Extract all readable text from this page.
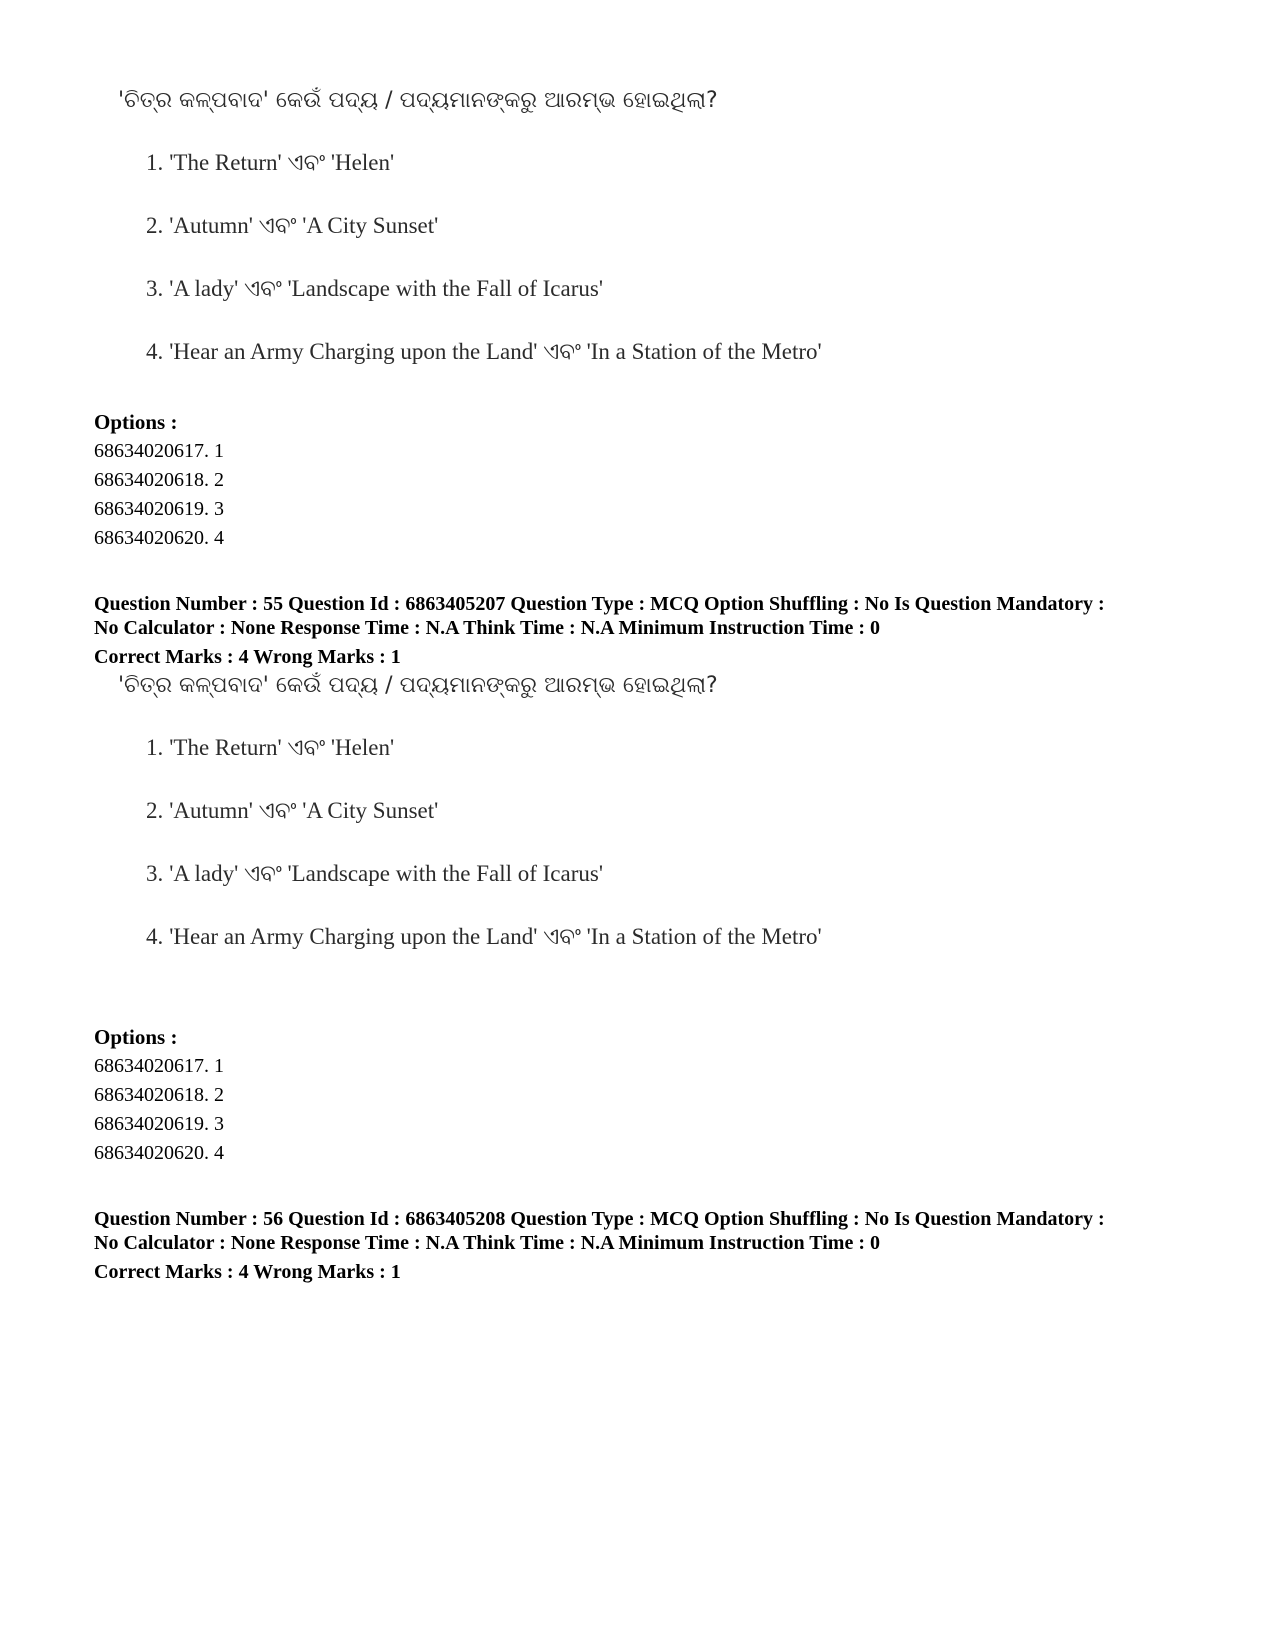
'ଚିତ୍ର କଳ୍ପବାଦ' କେଉଁ ପଦ୍ୟ / ପଦ୍ୟମାନଙ୍କରୁ ଆରମ୍ଭ ହୋଇଥିଲା?
1. 'The Return' ଏବଂ 'Helen'
2. 'Autumn' ଏବଂ 'A City Sunset'
3. 'A lady' ଏବଂ 'Landscape with the Fall of Icarus'
4. 'Hear an Army Charging upon the Land' ଏବଂ 'In a Station of the Metro'
Options :
68634020617. 1
68634020618. 2
68634020619. 3
68634020620. 4
Question Number : 55 Question Id : 6863405207 Question Type : MCQ Option Shuffling : No Is Question Mandatory :
No Calculator : None Response Time : N.A Think Time : N.A Minimum Instruction Time : 0
Correct Marks : 4 Wrong Marks : 1
'ଚିତ୍ର କଳ୍ପବାଦ' କେଉଁ ପଦ୍ୟ / ପଦ୍ୟମାନଙ୍କରୁ ଆରମ୍ଭ ହୋଇଥିଲା?
1. 'The Return' ଏବଂ 'Helen'
2. 'Autumn' ଏବଂ 'A City Sunset'
3. 'A lady' ଏବଂ 'Landscape with the Fall of Icarus'
4. 'Hear an Army Charging upon the Land' ଏବଂ 'In a Station of the Metro'
Options :
68634020617. 1
68634020618. 2
68634020619. 3
68634020620. 4
Question Number : 56 Question Id : 6863405208 Question Type : MCQ Option Shuffling : No Is Question Mandatory :
No Calculator : None Response Time : N.A Think Time : N.A Minimum Instruction Time : 0
Correct Marks : 4 Wrong Marks : 1
